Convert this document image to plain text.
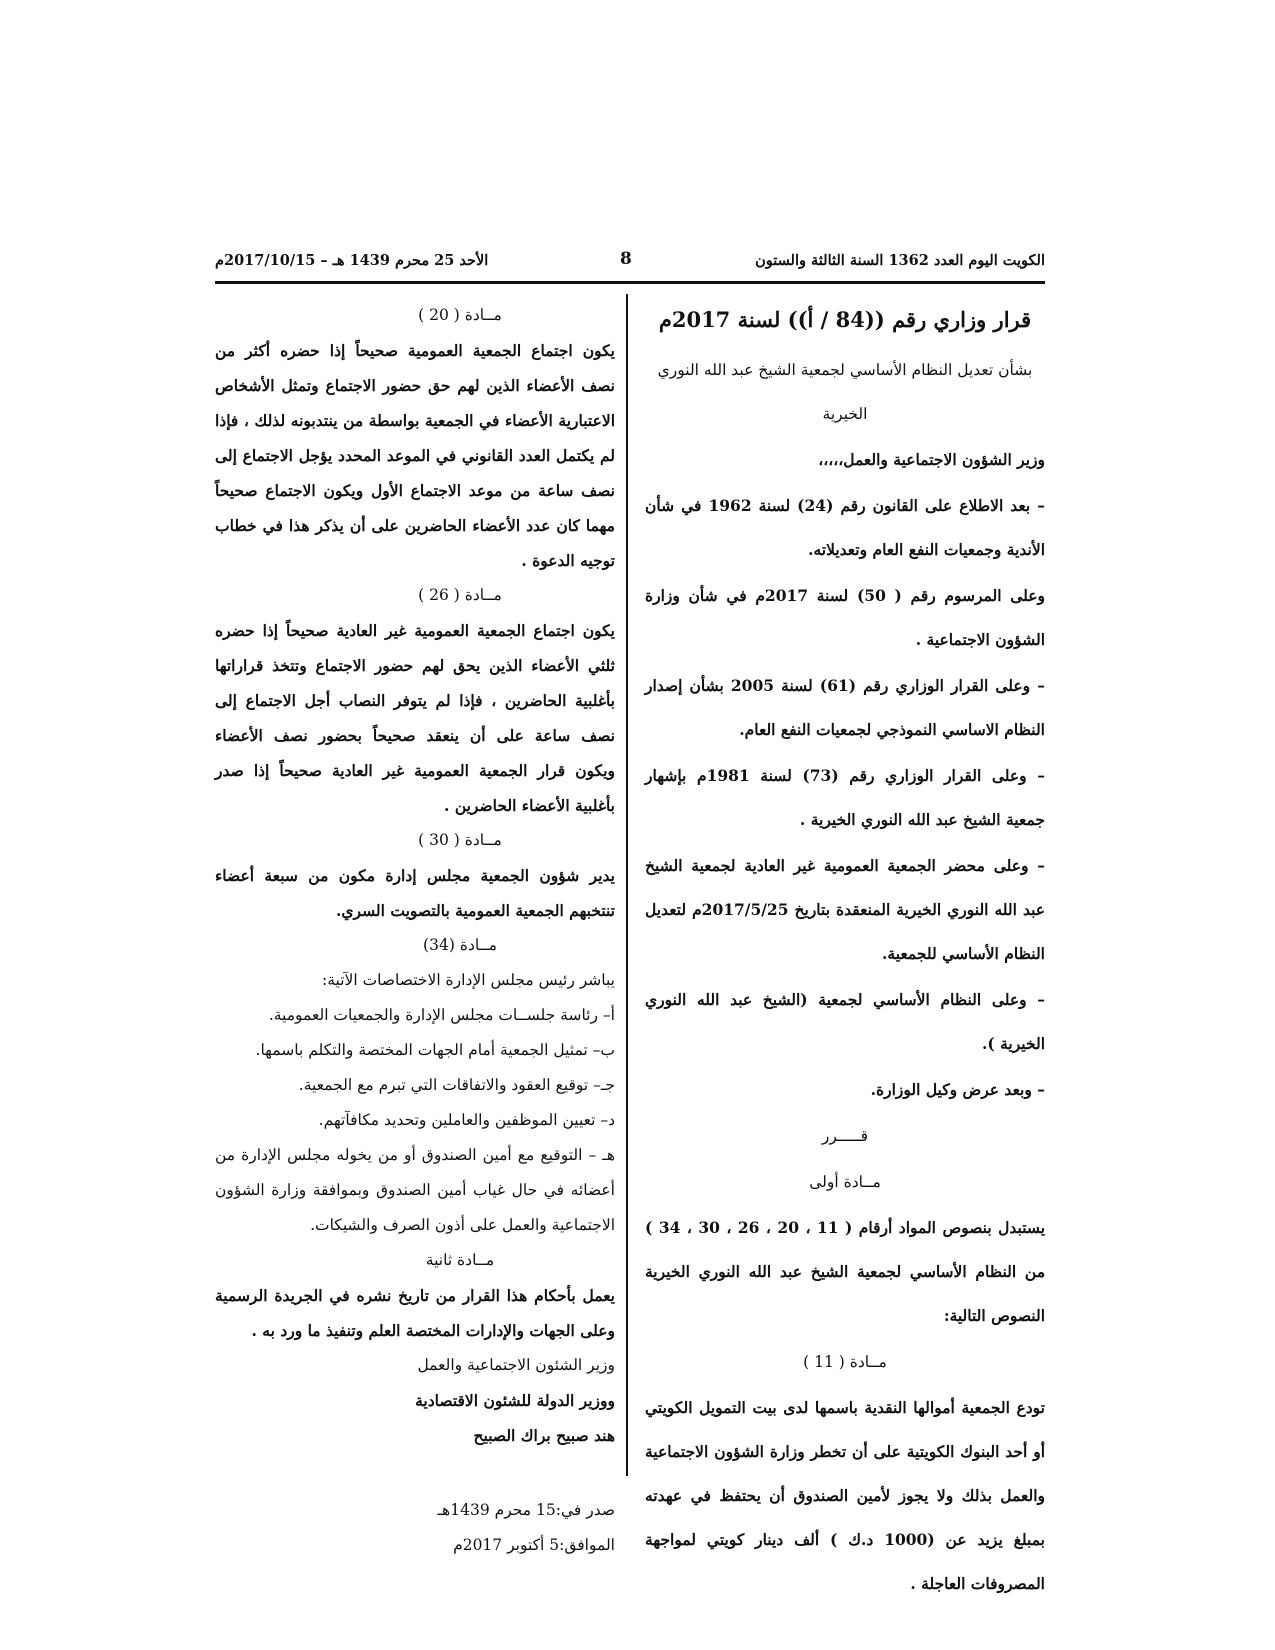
الكويت اليوم العدد 1362 السنة الثالثة والستون
8
الأحد 25 محرم 1439 هـ – 2017/10/15م

قرار وزاري رقم ((84 / أ)) لسنة 2017م

بشأن تعديل النظام الأساسي لجمعية الشيخ عبد الله النوري الخيرية

وزير الشؤون الاجتماعية والعمل،،،،،

– بعد الاطلاع على القانون رقم (24) لسنة 1962 في شأن الأندية وجمعيات النفع العام وتعديلاته.

وعلى المرسوم رقم ( 50) لسنة 2017م في شأن وزارة الشؤون الاجتماعية .

– وعلى القرار الوزاري رقم (61) لسنة 2005 بشأن إصدار النظام الاساسي النموذجي لجمعيات النفع العام.

– وعلى القرار الوزاري رقم (73) لسنة 1981م بإشهار جمعية الشيخ عبد الله النوري الخيرية .

– وعلى محضر الجمعية العمومية غير العادية لجمعية الشيخ عبد الله النوري الخيرية المنعقدة بتاريخ 2017/5/25م لتعديل النظام الأساسي للجمعية.

– وعلى النظام الأساسي لجمعية (الشيخ عبد الله النوري الخيرية ).

– وبعد عرض وكيل الوزارة.

قـــــرر

مــادة أولى

يستبدل بنصوص المواد أرقام ( 11 ، 20 ، 26 ، 30 ، 34 ) من النظام الأساسي لجمعية الشيخ عبد الله النوري الخيرية النصوص التالية:

مــادة ( 11 )

تودع الجمعية أموالها النقدية باسمها لدى بيت التمويل الكويتي أو أحد البنوك الكويتية على أن تخطر وزارة الشؤون الاجتماعية والعمل بذلك ولا يجوز لأمين الصندوق أن يحتفظ في عهدته بمبلغ يزيد عن (1000 د.ك ) ألف دينار كويتي لمواجهة المصروفات العاجلة .

مــادة ( 20 )

يكون اجتماع الجمعية العمومية صحيحاً إذا حضره أكثر من نصف الأعضاء الذين لهم حق حضور الاجتماع وتمثل الأشخاص الاعتبارية الأعضاء في الجمعية بواسطة من ينتدبونه لذلك ، فإذا لم يكتمل العدد القانوني في الموعد المحدد يؤجل الاجتماع إلى نصف ساعة من موعد الاجتماع الأول ويكون الاجتماع صحيحاً مهما كان عدد الأعضاء الحاضرين على أن يذكر هذا في خطاب توجيه الدعوة .

مــادة ( 26 )

يكون اجتماع الجمعية العمومية غير العادية صحيحاً إذا حضره ثلثي الأعضاء الذين يحق لهم حضور الاجتماع وتتخذ قراراتها بأغلبية الحاضرين ، فإذا لم يتوفر النصاب أجل الاجتماع إلى نصف ساعة على أن ينعقد صحيحاً بحضور نصف الأعضاء ويكون قرار الجمعية العمومية غير العادية صحيحاً إذا صدر بأغلبية الأعضاء الحاضرين .

مــادة ( 30 )

يدير شؤون الجمعية مجلس إدارة مكون من سبعة أعضاء تنتخبهم الجمعية العمومية بالتصويت السري.

مــادة (34)

يباشر رئيس مجلس الإدارة الاختصاصات الآتية:

أ– رئاسة جلســات مجلس الإدارة والجمعيات العمومية.

ب– تمثيل الجمعية أمام الجهات المختصة والتكلم باسمها.

جـ– توقيع العقود والاتفاقات التي تبرم مع الجمعية.

د– تعيين الموظفين والعاملين وتحديد مكافآتهم.

هـ – التوقيع مع أمين الصندوق أو من يخوله مجلس الإدارة من أعضائه في حال غياب أمين الصندوق وبموافقة وزارة الشؤون الاجتماعية والعمل على أذون الصرف والشيكات.

مــادة ثانية

يعمل بأحكام هذا القرار من تاريخ نشره في الجريدة الرسمية وعلى الجهات والإدارات المختصة العلم وتنفيذ ما ورد به .

وزير الشئون الاجتماعية والعمل

ووزير الدولة للشئون الاقتصادية

هند صبيح براك الصبيح

صدر في:15 محرم 1439هـ

الموافق:5 أكتوبر 2017م
